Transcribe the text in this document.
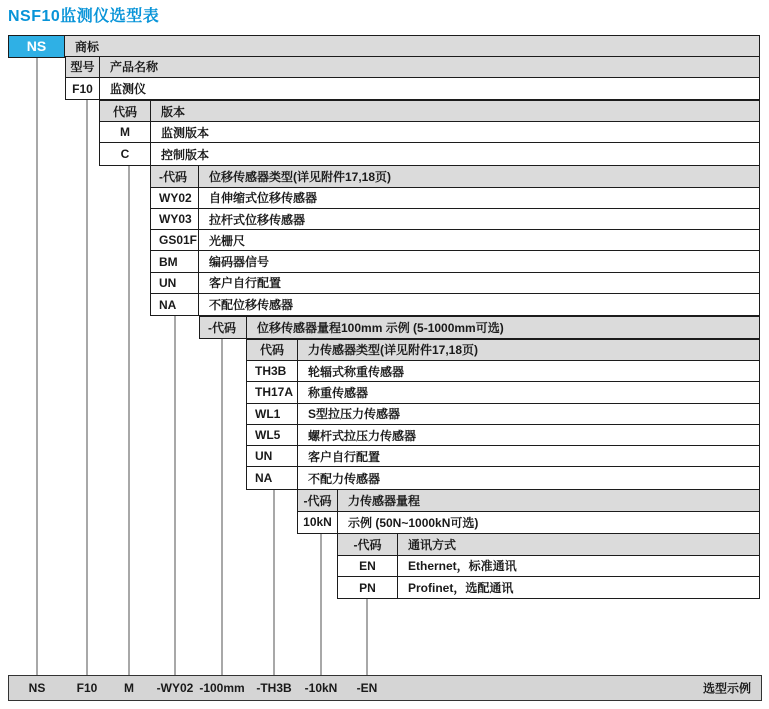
NSF10监测仪选型表
NS	商标
型号	产品名称
F10	监测仪
代码	版本
M	监测版本
C	控制版本
-代码	位移传感器类型(详见附件17,18页)
WY02	自伸缩式位移传感器
WY03	拉杆式位移传感器
GS01F 光栅尺
BM	编码器信号
UN	客户自行配置
NA	不配位移传感器
-代码	位移传感器量程100mm 示例 (5-1000mm可选)
代码	力传感器类型(详见附件17,18页)
TH3B	轮辐式称重传感器
TH17A	称重传感器
WL1	S型拉压力传感器
WL5	螺杆式拉压力传感器
UN	客户自行配置
NA	不配力传感器
-代码	力传感器量程
10kN	示例 (50N~1000kN可选)
-代码	通讯方式
EN	Ethernet，标准通讯
PN	Profinet，选配通讯
NS	F10 M -WY02 -100mm -TH3B -10kN -EN	选型示例
